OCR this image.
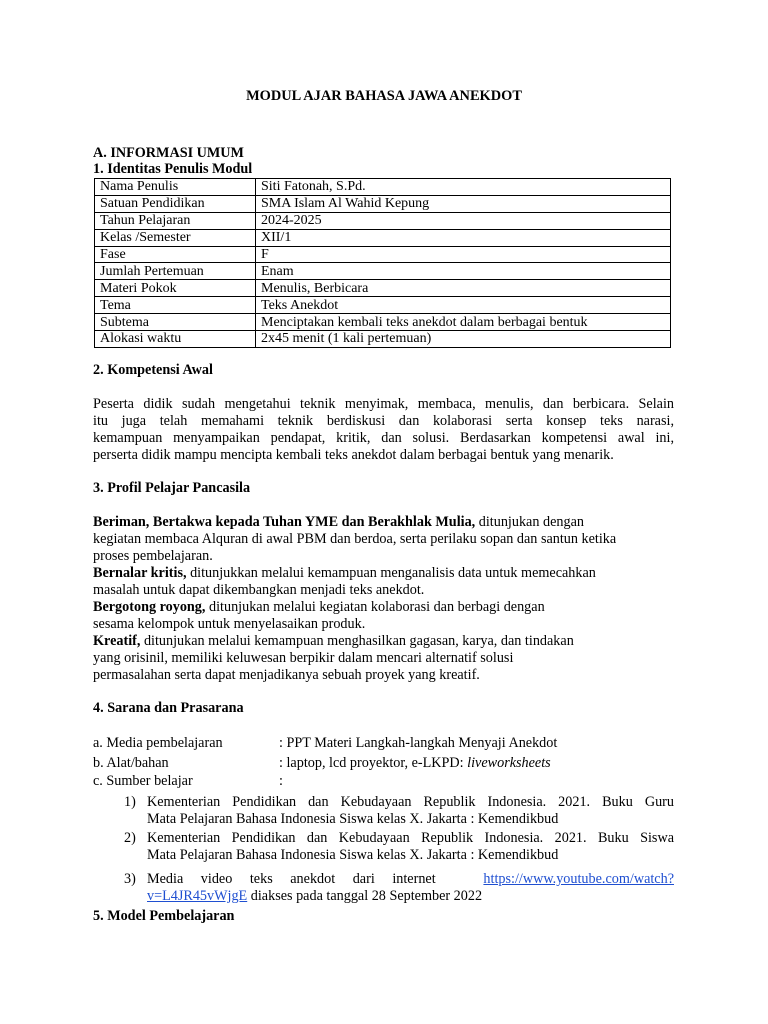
MODUL AJAR BAHASA JAWA ANEKDOT
A. INFORMASI UMUM
1. Identitas Penulis Modul
Nama Penulis	Siti Fatonah, S.Pd.
Satuan Pendidikan	SMA Islam Al Wahid Kepung
Tahun Pelajaran	2024-2025
Kelas /Semester	XII/1
Fase	F
Jumlah Pertemuan	Enam
Materi Pokok	Menulis, Berbicara
Tema	Teks Anekdot
Subtema	Menciptakan kembali teks anekdot dalam berbagai bentuk
Alokasi waktu	2x45 menit (1 kali pertemuan)
2. Kompetensi Awal
Peserta didik sudah mengetahui teknik menyimak, membaca, menulis, dan berbicara. Selain
itu juga telah memahami teknik berdiskusi dan kolaborasi serta konsep teks narasi,
kemampuan menyampaikan pendapat, kritik, dan solusi. Berdasarkan kompetensi awal ini,
perserta didik mampu mencipta kembali teks anekdot dalam berbagai bentuk yang menarik.
3. Profil Pelajar Pancasila
Beriman, Bertakwa kepada Tuhan YME dan Berakhlak Mulia, ditunjukan dengan
kegiatan membaca Alquran di awal PBM dan berdoa, serta perilaku sopan dan santun ketika
proses pembelajaran.
Bernalar kritis, ditunjukkan melalui kemampuan menganalisis data untuk memecahkan
masalah untuk dapat dikembangkan menjadi teks anekdot.
Bergotong royong, ditunjukan melalui kegiatan kolaborasi dan berbagi dengan
sesama kelompok untuk menyelasaikan produk.
Kreatif, ditunjukan melalui kemampuan menghasilkan gagasan, karya, dan tindakan
yang orisinil, memiliki keluwesan berpikir dalam mencari alternatif solusi
permasalahan serta dapat menjadikanya sebuah proyek yang kreatif.
4. Sarana dan Prasarana
a. Media pembelajaran	: PPT Materi Langkah-langkah Menyaji Anekdot
b. Alat/bahan	: laptop, lcd proyektor, e-LKPD: liveworksheets
c. Sumber belajar	:
1) Kementerian Pendidikan dan Kebudayaan Republik Indonesia. 2021. Buku Guru
Mata Pelajaran Bahasa Indonesia Siswa kelas X. Jakarta : Kemendikbud
2) Kementerian Pendidikan dan Kebudayaan Republik Indonesia. 2021. Buku Siswa
Mata Pelajaran Bahasa Indonesia Siswa kelas X. Jakarta : Kemendikbud
3) Media video teks anekdot dari internet	https://www.youtube.com/watch?
v=L4JR45vWjgE diakses pada tanggal 28 September 2022
5. Model Pembelajaran
